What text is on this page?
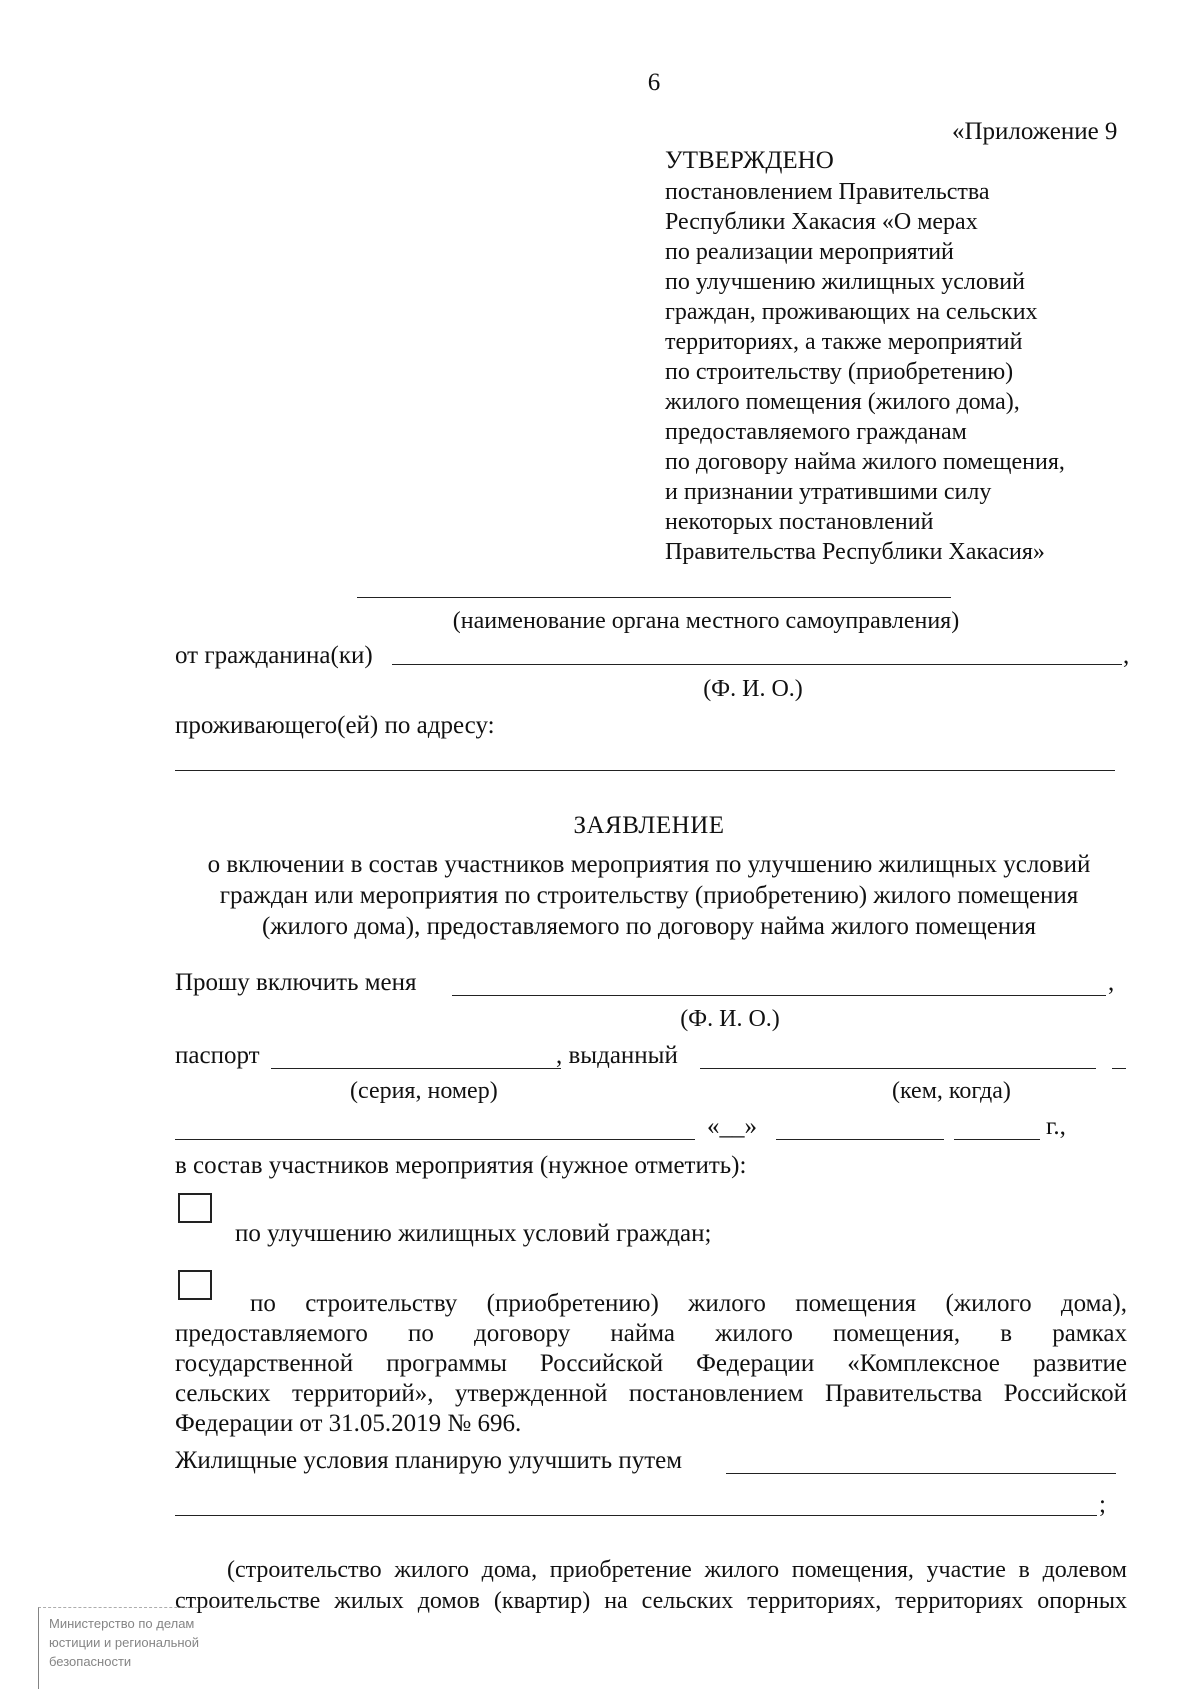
6
«Приложение 9
УТВЕРЖДЕНО
постановлением Правительства
Республики Хакасия «О мерах
по реализации мероприятий
по улучшению жилищных условий
граждан, проживающих на сельских
территориях, а также мероприятий
по строительству (приобретению)
жилого помещения (жилого дома),
предоставляемого гражданам
по договору найма жилого помещения,
и признании утратившими силу
некоторых постановлений
Правительства Республики Хакасия»
(наименование органа местного самоуправления)
от гражданина(ки)	,
(Ф. И. О.)
проживающего(ей) по адресу:
ЗАЯВЛЕНИЕ
о включении в состав участников мероприятия по улучшению жилищных условий
граждан или мероприятия по строительству (приобретению) жилого помещения
(жилого дома), предоставляемого по договору найма жилого помещения
Прошу включить меня	,
(Ф. И. О.)
паспорт	, выданный
(серия, номер)	(кем, когда)
«__»	г.,
в состав участников мероприятия (нужное отметить):
по улучшению жилищных условий граждан;
по строительству (приобретению) жилого помещения (жилого дома),
предоставляемого по договору найма жилого помещения, в рамках
государственной программы Российской Федерации «Комплексное развитие
сельских территорий», утвержденной постановлением Правительства Российской
Федерации от 31.05.2019 № 696.
Жилищные условия планирую улучшить путем
;
(строительство жилого дома, приобретение жилого помещения, участие в долевом
строительстве жилых домов (квартир) на сельских территориях, территориях опорных
Министерство по делам
юстиции и региональной
безопасности
